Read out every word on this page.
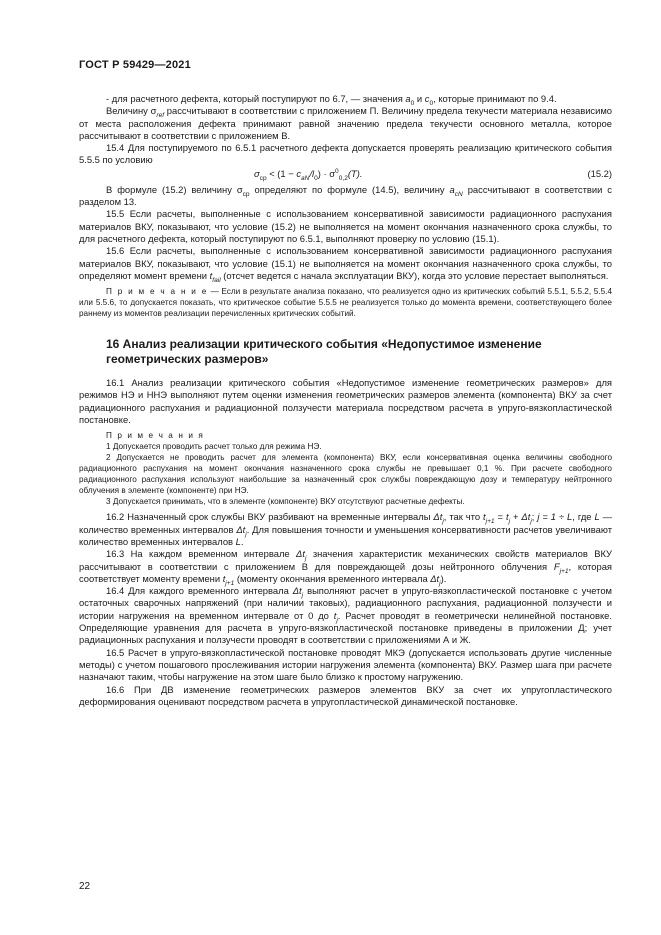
ГОСТ Р 59429—2021

- для расчетного дефекта, который поступируют по 6.7, — значения $a_0$ и $c_0$, которые принимают по 9.4.

Величину $\sigma_{ref}$ рассчитывают в соответствии с приложением П. Величину предела текучести материала независимо от места расположения дефекта принимают равной значению предела текучести основного металла, которое рассчитывают в соответствии с приложением В.

15.4 Для поступируемого по 6.5.1 расчетного дефекта допускается проверять реализацию критического события 5.5.5 по условию

$\sigma_{ср} < (1 - c_{aN}/l_0) \cdot \sigma^0_{0,2}(T)$.	(15.2)

В формуле (15.2) величину $\sigma_{ср}$ определяют по формуле (14.5), величину $a_{cN}$ рассчитывают в соответствии с разделом 13.

15.5 Если расчеты, выполненные с использованием консервативной зависимости радиационного распухания материалов ВКУ, показывают, что условие (15.2) не выполняется на момент окончания назначенного срока службы, то для расчетного дефекта, который поступируют по 6.5.1, выполняют проверку по условию (15.1).

15.6 Если расчеты, выполненные с использованием консервативной зависимости радиационного распухания материалов ВКУ, показывают, что условие (15.1) не выполняется на момент окончания назначенного срока службы, то определяют момент времени $t_{fail}$ (отсчет ведется с начала эксплуатации ВКУ), когда это условие перестает выполняться.

П р и м е ч а н и е — Если в результате анализа показано, что реализуется одно из критических событий 5.5.1, 5.5.2, 5.5.4 или 5.5.6, то допускается показать, что критическое событие 5.5.5 не реализуется только до момента времени, соответствующего более раннему из моментов реализации перечисленных критических событий.

16 Анализ реализации критического события «Недопустимое изменение геометрических размеров»

16.1 Анализ реализации критического события «Недопустимое изменение геометрических размеров» для режимов НЭ и ННЭ выполняют путем оценки изменения геометрических размеров элемента (компонента) ВКУ за счет радиационного распухания и радиационной ползучести материала посредством расчета в упруго-вязкопластической постановке.

П р и м е ч а н и я

1 Допускается проводить расчет только для режима НЭ.

2 Допускается не проводить расчет для элемента (компонента) ВКУ, если консервативная оценка величины свободного радиационного распухания на момент окончания назначенного срока службы не превышает 0,1 %. При расчете свободного радиационного распухания используют наибольшие за назначенный срок службы повреждающую дозу и температуру нейтронного облучения в элементе (компоненте) при НЭ.

3 Допускается принимать, что в элементе (компоненте) ВКУ отсутствуют расчетные дефекты.

16.2 Назначенный срок службы ВКУ разбивают на временные интервалы $\Delta t_j$, так что $t_{j+1} = t_j + \Delta t_j$; j = 1 ÷ L, где L — количество временных интервалов $\Delta t_j$. Для повышения точности и уменьшения консервативности расчетов увеличивают количество временных интервалов L.

16.3 На каждом временном интервале $\Delta t_j$ значения характеристик механических свойств материалов ВКУ рассчитывают в соответствии с приложением В для повреждающей дозы нейтронного облучения $F_{j+1}$, которая соответствует моменту времени $t_{j+1}$ (моменту окончания временного интервала $\Delta t_j$).

16.4 Для каждого временного интервала $\Delta t_j$ выполняют расчет в упруго-вязкопластической постановке с учетом остаточных сварочных напряжений (при наличии таковых), радиационного распухания, радиационной ползучести и истории нагружения на временном интервале от 0 до $t_j$. Расчет проводят в геометрически нелинейной постановке. Определяющие уравнения для расчета в упруго-вязкопластической постановке приведены в приложении Д; учет радиационных распухания и ползучести проводят в соответствии с приложениями А и Ж.

16.5 Расчет в упруго-вязкопластической постановке проводят МКЭ (допускается использовать другие численные методы) с учетом пошагового прослеживания истории нагружения элемента (компонента) ВКУ. Размер шага при расчете назначают таким, чтобы нагружение на этом шаге было близко к простому нагружению.

16.6 При ДВ изменение геометрических размеров элементов ВКУ за счет их упругопластического деформирования оценивают посредством расчета в упругопластической динамической постановке.

22
